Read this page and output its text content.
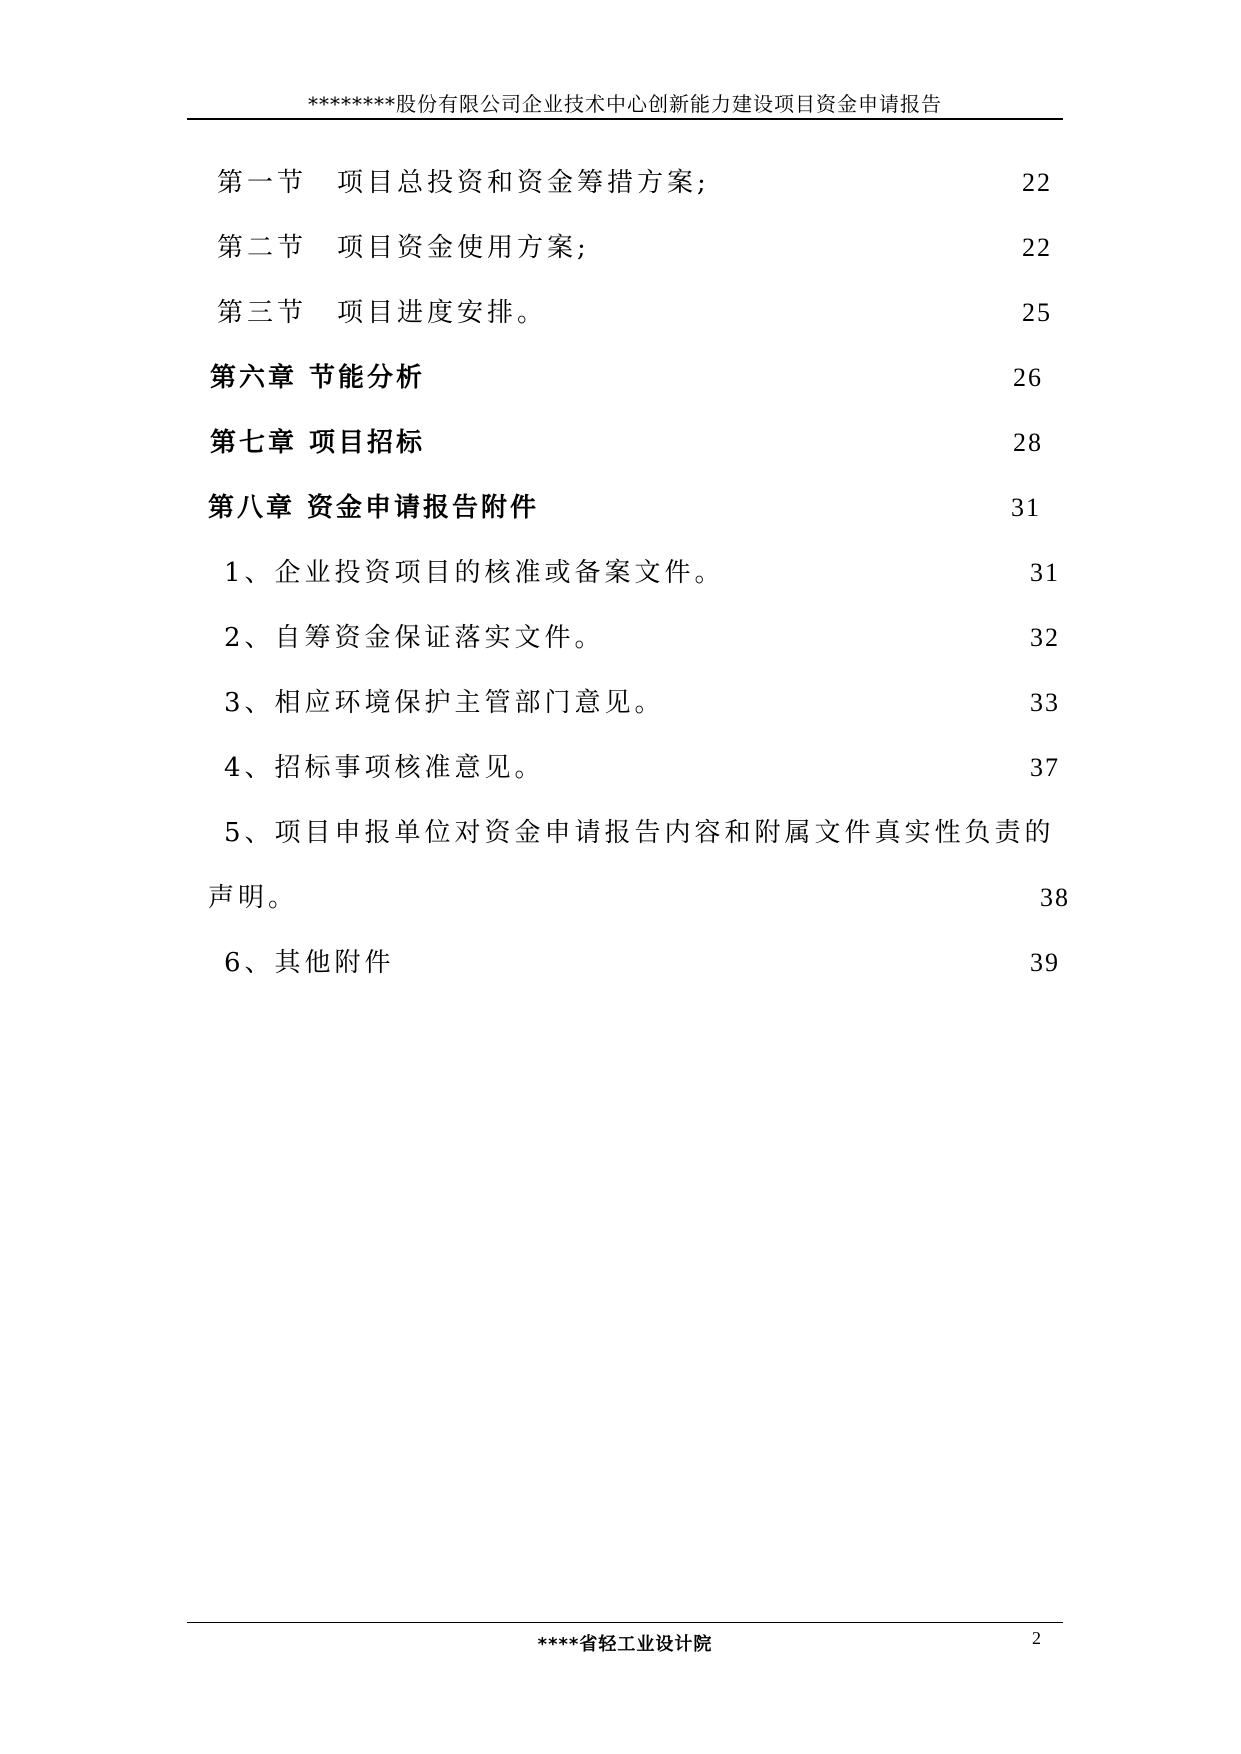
********股份有限公司企业技术中心创新能力建设项目资金申请报告
第一节　项目总投资和资金筹措方案;	22
第二节　项目资金使用方案;	22
第三节　项目进度安排。	25
第六章 节能分析	26
第七章 项目招标	28
第八章 资金申请报告附件	31
1、企业投资项目的核准或备案文件。	31
2、自筹资金保证落实文件。	32
3、相应环境保护主管部门意见。	33
4、招标事项核准意见。	37
5、项目申报单位对资金申请报告内容和附属文件真实性负责的
声明。	38
6、其他附件	39
****省轻工业设计院	2
